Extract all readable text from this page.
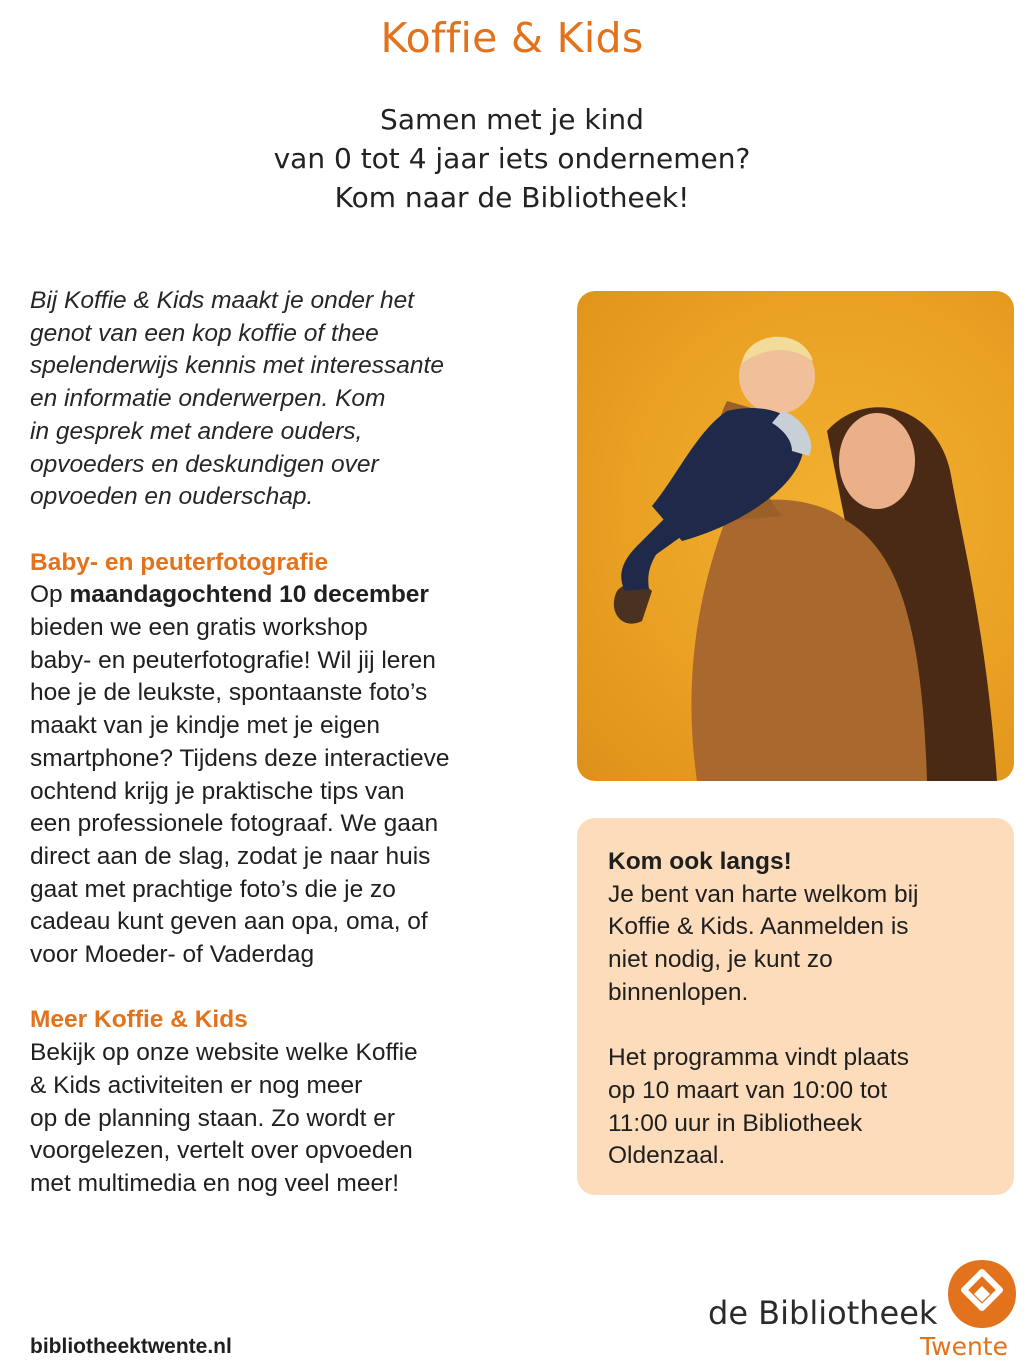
Koffie & Kids
Samen met je kind
van 0 tot 4 jaar iets ondernemen?
Kom naar de Bibliotheek!
Bij Koffie & Kids maakt je onder het
genot van een kop koffie of thee
spelenderwijs kennis met interessante
en informatie onderwerpen. Kom
in gesprek met andere ouders,
opvoeders en deskundigen over
opvoeden en ouderschap.
Baby- en peuterfotografie
Op maandagochtend 10 december
bieden we een gratis workshop
baby- en peuterfotografie! Wil jij leren
hoe je de leukste, spontaanste foto’s
maakt van je kindje met je eigen
smartphone? Tijdens deze interactieve
ochtend krijg je praktische tips van
een professionele fotograaf. We gaan
direct aan de slag, zodat je naar huis
gaat met prachtige foto’s die je zo
cadeau kunt geven aan opa, oma, of
voor Moeder- of Vaderdag
Meer Koffie & Kids
Bekijk op onze website welke Koffie
& Kids activiteiten er nog meer
op de planning staan. Zo wordt er
voorgelezen, vertelt over opvoeden
met multimedia en nog veel meer!
Kom ook langs!
Je bent van harte welkom bij
Koffie & Kids. Aanmelden is
niet nodig, je kunt zo
binnenlopen.
Het programma vindt plaats
op 10 maart van 10:00 tot
11:00 uur in Bibliotheek
Oldenzaal.
bibliotheektwente.nl
de Bibliotheek
Twente
